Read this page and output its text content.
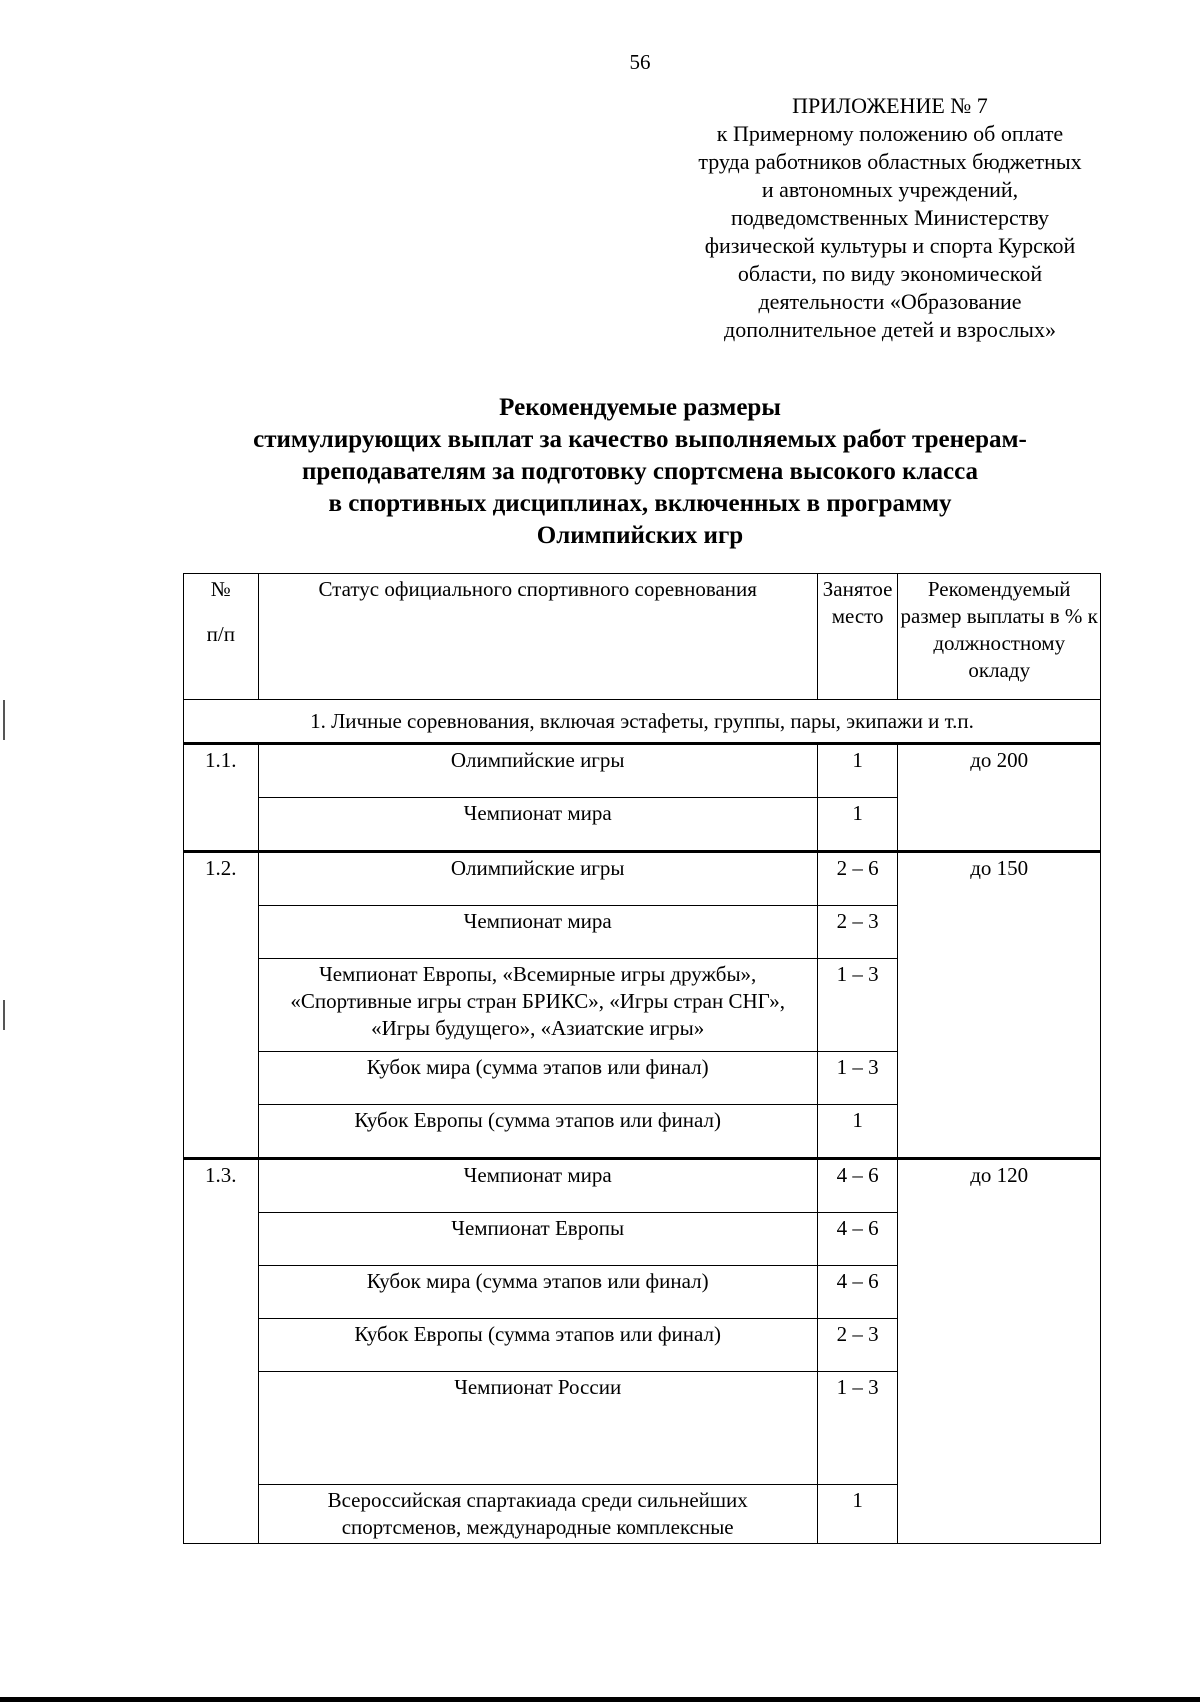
56
ПРИЛОЖЕНИЕ № 7
к Примерному положению об оплате
труда работников областных бюджетных
и автономных учреждений,
подведомственных Министерству
физической культуры и спорта Курской
области, по виду экономической
деятельности «Образование
дополнительное детей и взрослых»
Рекомендуемые размеры
стимулирующих выплат за качество выполняемых работ тренерам-
преподавателям за подготовку спортсмена высокого класса
в спортивных дисциплинах, включенных в программу
Олимпийских игр
№
п/п	Статус официального спортивного соревнования	Занятое место	Рекомендуемый размер выплаты в % к должностному окладу
1. Личные соревнования, включая эстафеты, группы, пары, экипажи и т.п.			
1.1.	Олимпийские игры	1	до 200
	Чемпионат мира	1	
1.2.	Олимпийские игры	2 – 6	до 150
	Чемпионат мира	2 – 3	
	Чемпионат Европы, «Всемирные игры дружбы», «Спортивные игры стран БРИКС», «Игры стран СНГ», «Игры будущего», «Азиатские игры»	1 – 3	
	Кубок мира (сумма этапов или финал)	1 – 3	
	Кубок Европы (сумма этапов или финал)	1	
1.3.	Чемпионат мира	4 – 6	до 120
	Чемпионат Европы	4 – 6	
	Кубок мира (сумма этапов или финал)	4 – 6	
	Кубок Европы (сумма этапов или финал)	2 – 3	
	Чемпионат России	1 – 3	
	Всероссийская спартакиада среди сильнейших спортсменов, международные комплексные	1	
